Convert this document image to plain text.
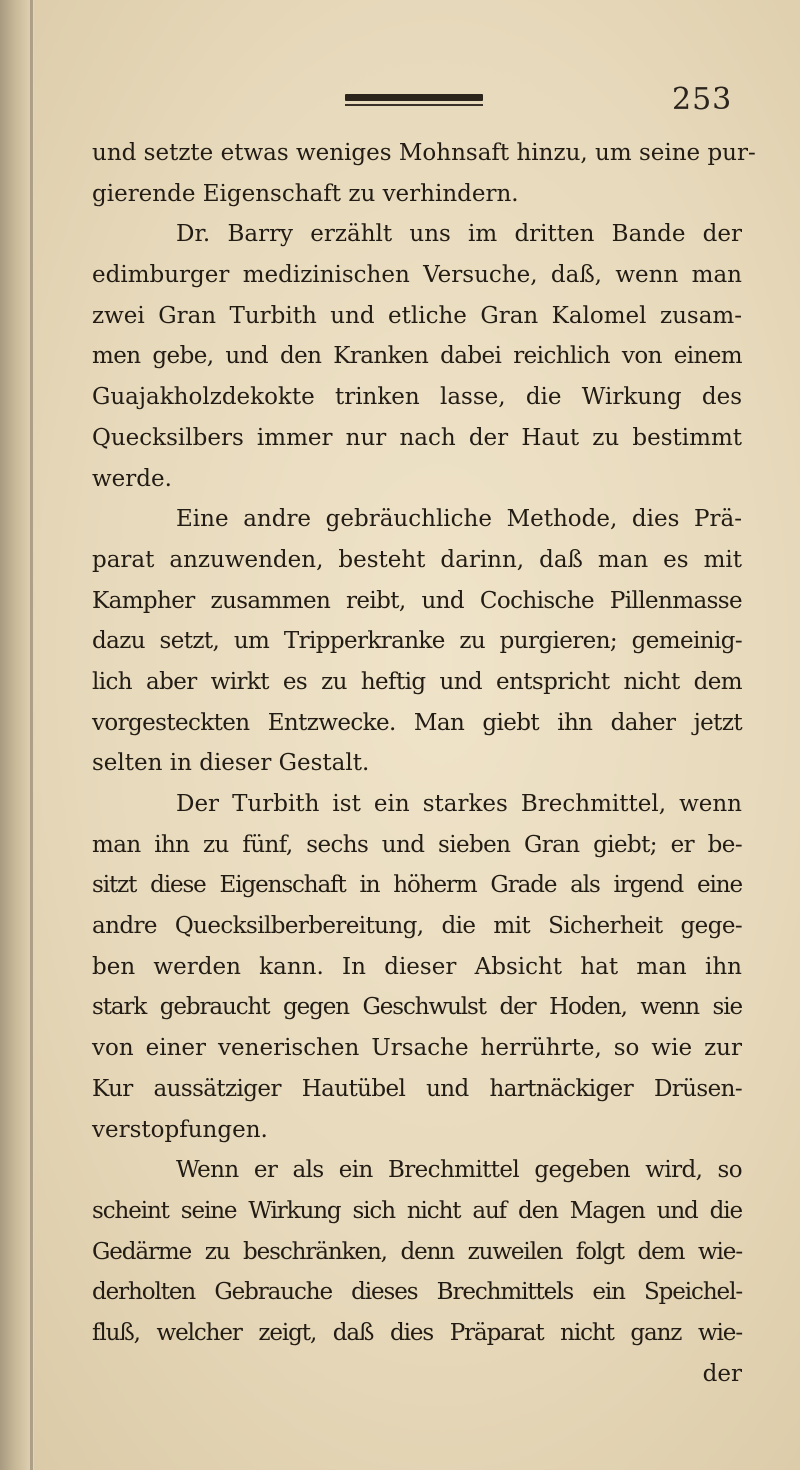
253
und setzte etwas weniges Mohnsaft hinzu, um seine pur-
gierende Eigenschaft zu verhindern.
Dr. Barry erzählt uns im dritten Bande der
edimburger medizinischen Versuche, daß, wenn man
zwei Gran Turbith und etliche Gran Kalomel zusam-
men gebe, und den Kranken dabei reichlich von einem
Guajakholzdekokte trinken lasse, die Wirkung des
Quecksilbers immer nur nach der Haut zu bestimmt
werde.
Eine andre gebräuchliche Methode, dies Prä-
parat anzuwenden, besteht darinn, daß man es mit
Kampher zusammen reibt, und Cochische Pillenmasse
dazu setzt, um Tripperkranke zu purgieren; gemeinig-
lich aber wirkt es zu heftig und entspricht nicht dem
vorgesteckten Entzwecke. Man giebt ihn daher jetzt
selten in dieser Gestalt.
Der Turbith ist ein starkes Brechmittel, wenn
man ihn zu fünf, sechs und sieben Gran giebt; er be-
sitzt diese Eigenschaft in höherm Grade als irgend eine
andre Quecksilberbereitung, die mit Sicherheit gege-
ben werden kann. In dieser Absicht hat man ihn
stark gebraucht gegen Geschwulst der Hoden, wenn sie
von einer venerischen Ursache herrührte, so wie zur
Kur aussätziger Hautübel und hartnäckiger Drüsen-
verstopfungen.
Wenn er als ein Brechmittel gegeben wird, so
scheint seine Wirkung sich nicht auf den Magen und die
Gedärme zu beschränken, denn zuweilen folgt dem wie-
derholten Gebrauche dieses Brechmittels ein Speichel-
fluß, welcher zeigt, daß dies Präparat nicht ganz wie-
der
